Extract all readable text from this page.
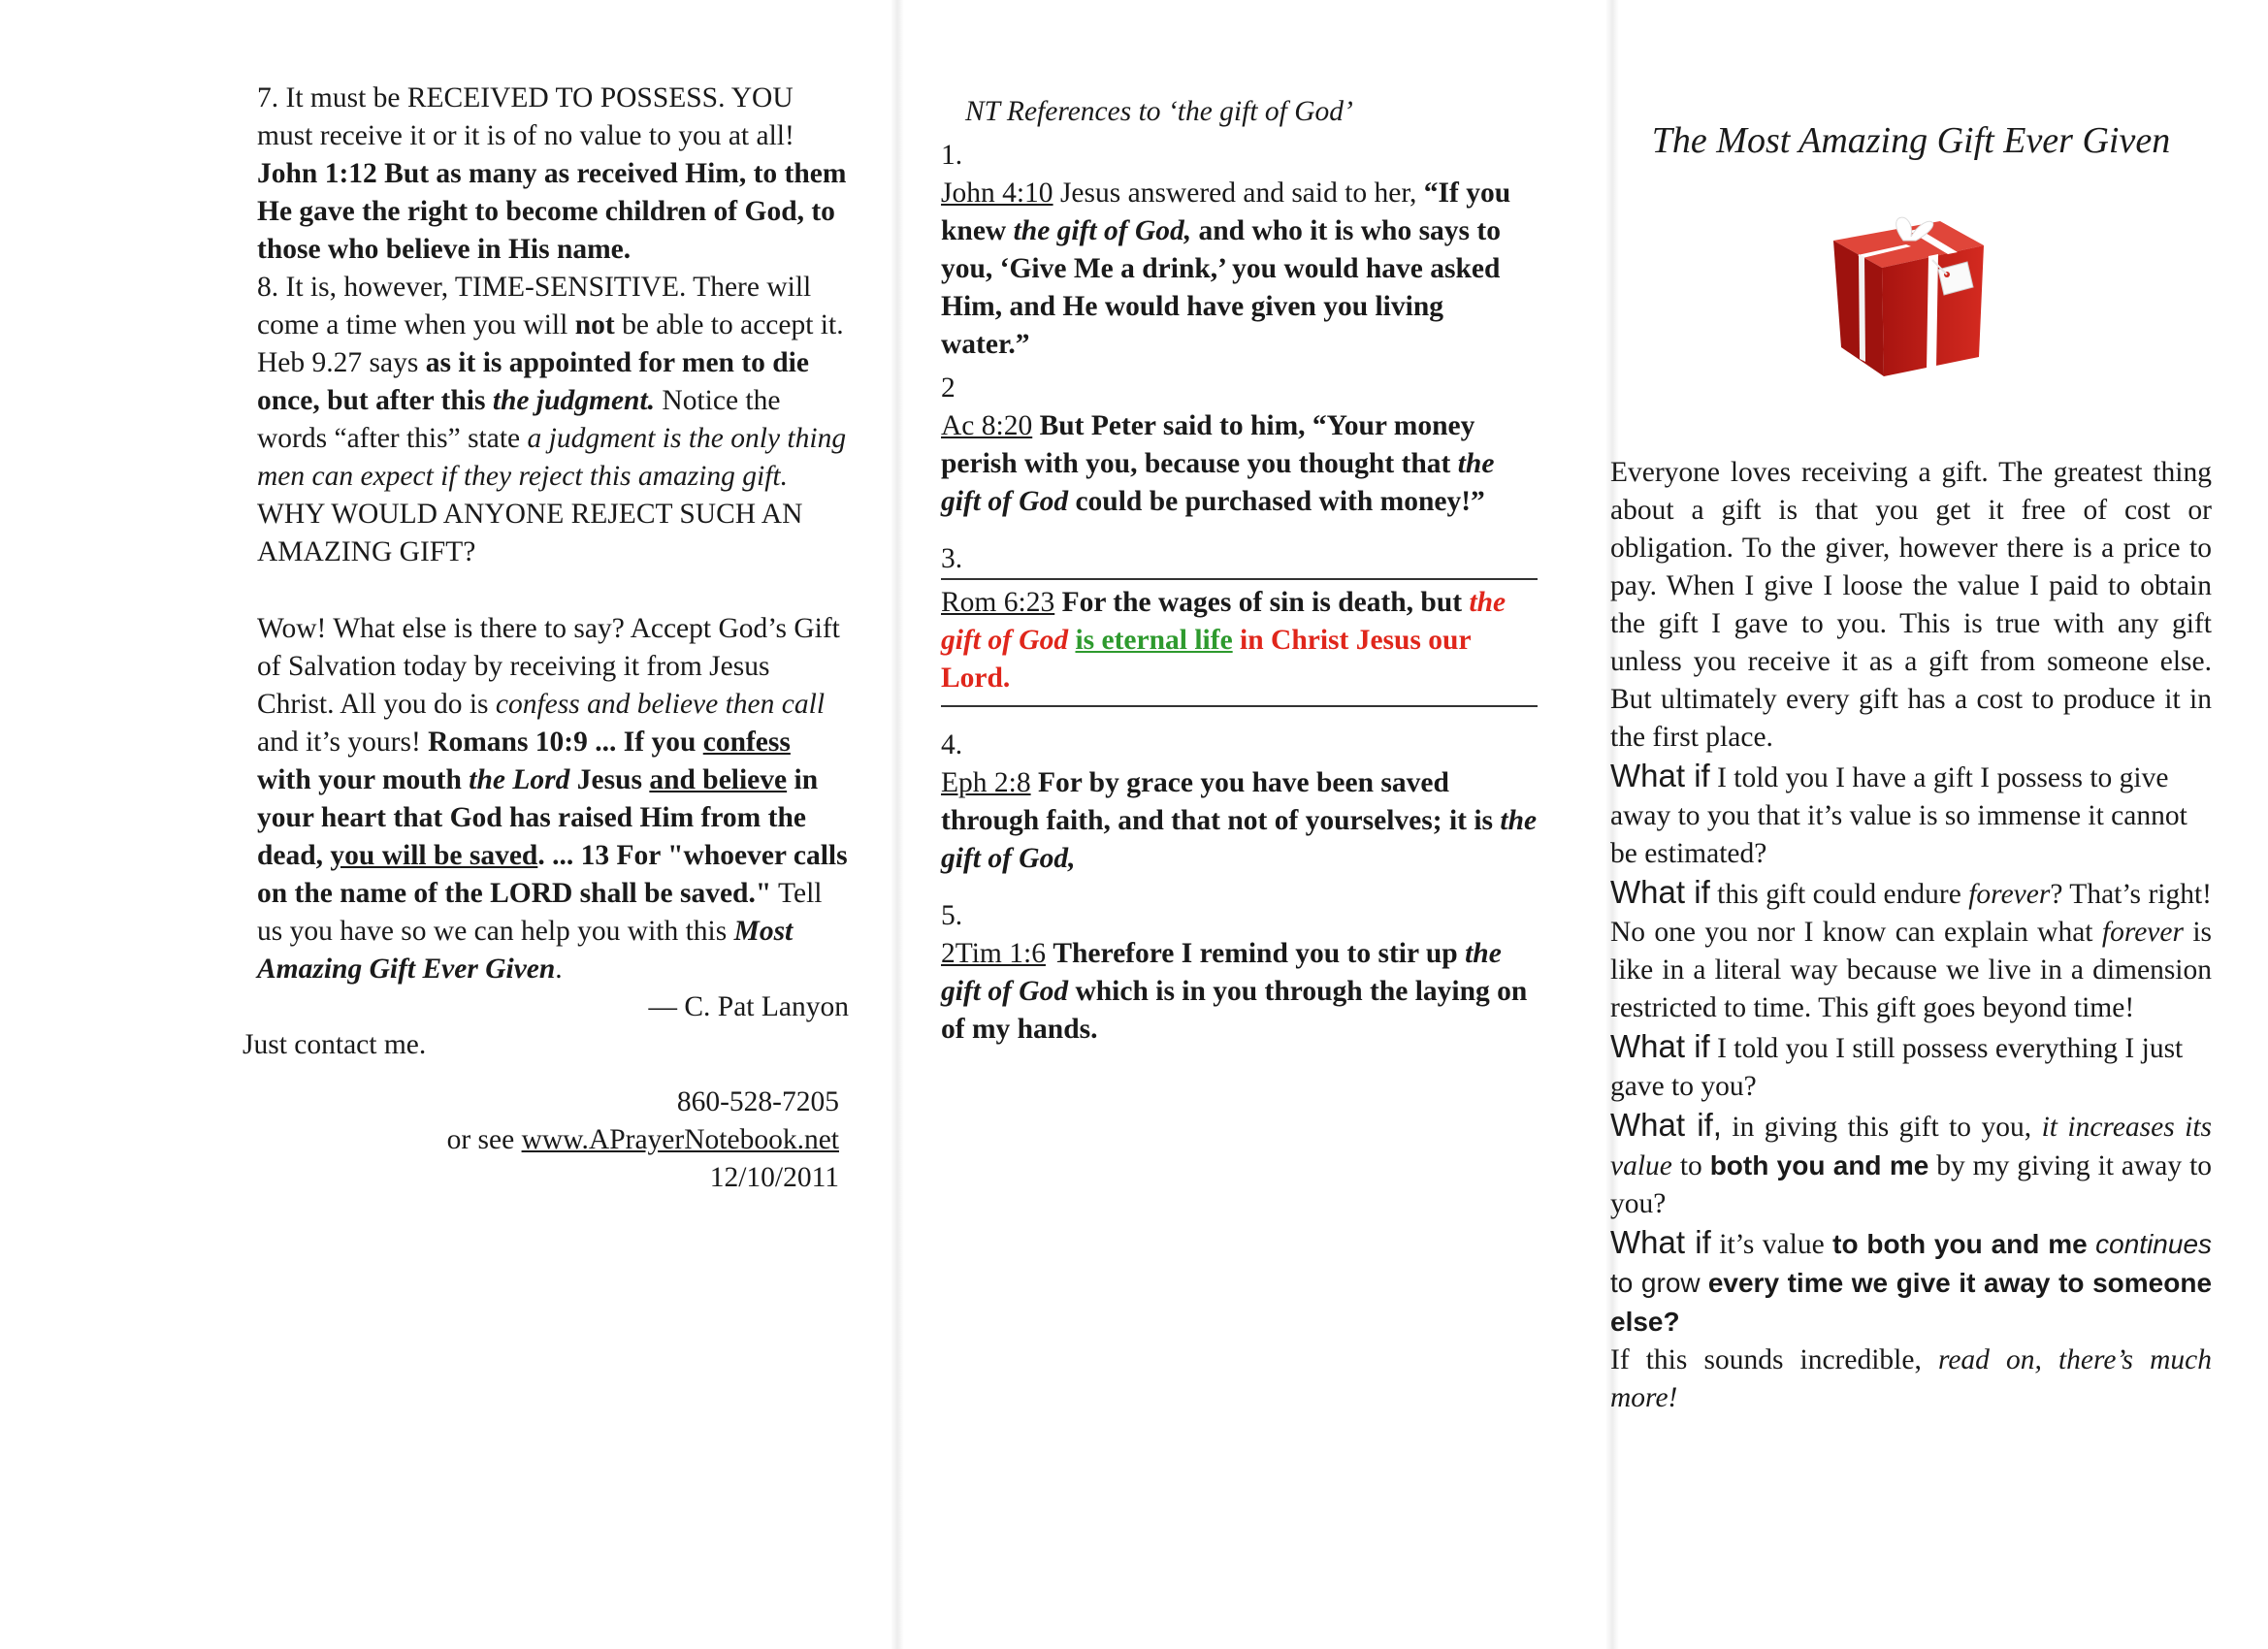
7. It must be RECEIVED TO POSSESS. YOU must receive it or it is of no value to you at all! John 1:12 But as many as received Him, to them He gave the right to become children of God, to those who believe in His name.

8. It is, however, TIME-SENSITIVE. There will come a time when you will not be able to accept it. Heb 9.27 says as it is appointed for men to die once, but after this the judgment. Notice the words “after this” state a judgment is the only thing men can expect if they reject this amazing gift. WHY WOULD ANYONE REJECT SUCH AN AMAZING GIFT?

Wow! What else is there to say? Accept God’s Gift of Salvation today by receiving it from Jesus Christ. All you do is confess and believe then call and it’s yours! Romans 10:9 ... If you confess with your mouth the Lord Jesus and believe in your heart that God has raised Him from the dead, you will be saved. ... 13 For "whoever calls on the name of the LORD shall be saved." Tell us you have so we can help you with this Most Amazing Gift Ever Given.

— C. Pat Lanyon

Just contact me.

860-528-7205

or see www.APrayerNotebook.net

12/10/2011

NT References to ‘the gift of God’

1.

John 4:10 Jesus answered and said to her, “If you knew the gift of God, and who it is who says to you, ‘Give Me a drink,’ you would have asked Him, and He would have given you living water.”

2

Ac 8:20 But Peter said to him, “Your money perish with you, because you thought that the gift of God could be purchased with money!”

3.

Rom 6:23 For the wages of sin is death, but the gift of God is eternal life in Christ Jesus our Lord.

4.

Eph 2:8 For by grace you have been saved through faith, and that not of yourselves; it is the gift of God,

5.

2Tim 1:6 Therefore I remind you to stir up the gift of God which is in you through the laying on of my hands.

The Most Amazing Gift Ever Given

Everyone loves receiving a gift. The greatest thing about a gift is that you get it free of cost or obligation. To the giver, however there is a price to pay. When I give I loose the value I paid to obtain the gift I gave to you. This is true with any gift unless you receive it as a gift from someone else. But ultimately every gift has a cost to produce it in the first place.

What if I told you I have a gift I possess to give away to you that it’s value is so immense it cannot be estimated?

What if this gift could endure forever? That’s right! No one you nor I know can explain what forever is like in a literal way because we live in a dimension restricted to time. This gift goes beyond time!

What if I told you I still possess everything I just gave to you?

What if, in giving this gift to you, it increases its value to both you and me by my giving it away to you?

What if it’s value to both you and me continues to grow every time we give it away to someone else?

If this sounds incredible, read on, there’s much more!
